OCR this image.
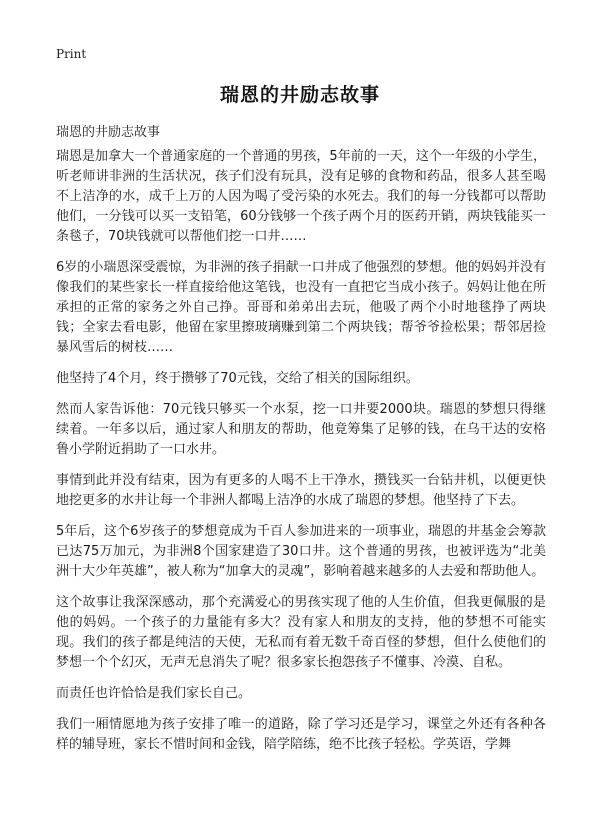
Print
瑞恩的井励志故事
瑞恩的井励志故事

瑞恩是加拿大一个普通家庭的一个普通的男孩，5年前的一天，这个一年级的小学生，听老师讲非洲的生活状况，孩子们没有玩具，没有足够的食物和药品，很多人甚至喝不上洁净的水，成千上万的人因为喝了受污染的水死去。我们的每一分钱都可以帮助他们，一分钱可以买一支铅笔，60分钱够一个孩子两个月的医药开销，两块钱能买一条毯子，70块钱就可以帮他们挖一口井……

6岁的小瑞恩深受震惊，为非洲的孩子捐献一口井成了他强烈的梦想。他的妈妈并没有像我们的某些家长一样直接给他这笔钱，也没有一直把它当成小孩子。妈妈让他在所承担的正常的家务之外自己挣。哥哥和弟弟出去玩，他吸了两个小时地毯挣了两块钱；全家去看电影，他留在家里擦玻璃赚到第二个两块钱；帮爷爷捡松果；帮邻居捡暴风雪后的树枝……

他坚持了4个月，终于攒够了70元钱，交给了相关的国际组织。

然而人家告诉他：70元钱只够买一个水泵，挖一口井要2000块。瑞恩的梦想只得继续着。一年多以后，通过家人和朋友的帮助，他竟筹集了足够的钱，在乌干达的安格鲁小学附近捐助了一口水井。

事情到此并没有结束，因为有更多的人喝不上干净水，攒钱买一台钻井机，以便更快地挖更多的水井让每一个非洲人都喝上洁净的水成了瑞恩的梦想。他坚持了下去。

5年后，这个6岁孩子的梦想竟成为千百人参加进来的一项事业，瑞恩的井基金会筹款已达75万加元，为非洲8个国家建造了30口井。这个普通的男孩，也被评选为“北美洲十大少年英雄”，被人称为“加拿大的灵魂”，影响着越来越多的人去爱和帮助他人。

这个故事让我深深感动，那个充满爱心的男孩实现了他的人生价值，但我更佩服的是他的妈妈。一个孩子的力量能有多大？没有家人和朋友的支持，他的梦想不可能实现。我们的孩子都是纯洁的天使，无私而有着无数千奇百怪的梦想，但什么使他们的梦想一个个幻灭，无声无息消失了呢？很多家长抱怨孩子不懂事、冷漠、自私。

而责任也许恰恰是我们家长自己。

我们一厢情愿地为孩子安排了唯一的道路，除了学习还是学习，课堂之外还有各种各样的辅导班，家长不惜时间和金钱，陪学陪练，绝不比孩子轻松。学英语，学舞
